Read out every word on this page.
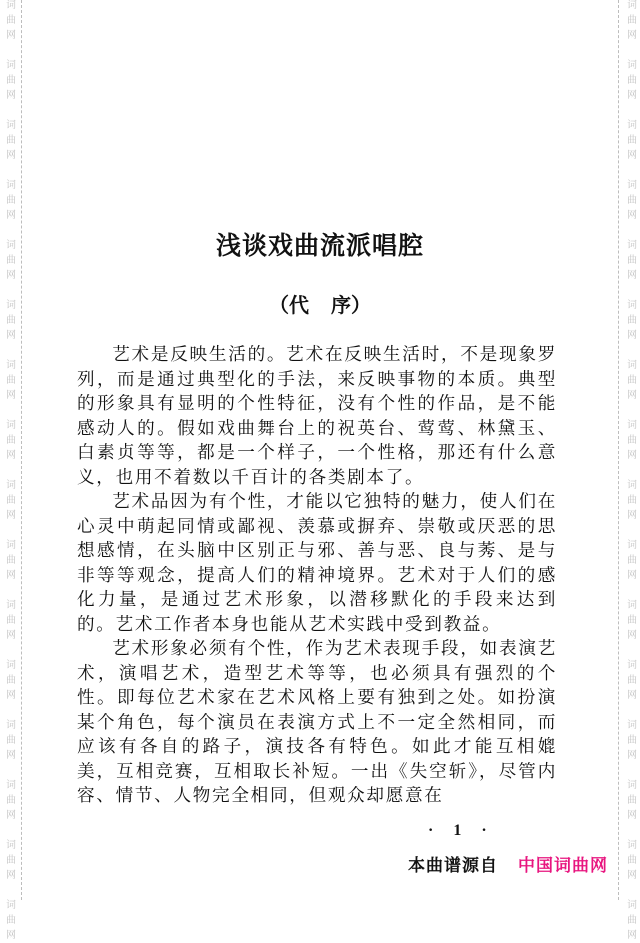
词
曲
网
词
曲
网
词
曲
网
词
曲
网
词
曲
网
词
曲
网
词
曲
网
词
曲
网
词
曲
网
词
曲
网
词
曲
网
词
曲
网
词
曲
网
词
曲
网
词
曲
网
词
曲
网
词
曲
网
词
曲
网
词
曲
网
词
曲
网
词
曲
网
词
曲
网
词
曲
网
词
曲
网
词
曲
网
词
曲
网
词
曲
网
词
曲
网
词
曲
网
词
曲
网
词
曲
网
词
曲
网
浅谈戏曲流派唱腔
（代 序）

艺术是反映生活的。艺术在反映生活时，不是现象罗列，而是通过典型化的手法，来反映事物的本质。典型的形象具有显明的个性特征，没有个性的作品，是不能感动人的。假如戏曲舞台上的祝英台、莺莺、林黛玉、白素贞等等，都是一个样子，一个性格，那还有什么意义，也用不着数以千百计的各类剧本了。

艺术品因为有个性，才能以它独特的魅力，使人们在心灵中萌起同情或鄙视、羡慕或摒弃、崇敬或厌恶的思想感情，在头脑中区别正与邪、善与恶、良与莠、是与非等等观念，提高人们的精神境界。艺术对于人们的感化力量，是通过艺术形象，以潜移默化的手段来达到的。艺术工作者本身也能从艺术实践中受到教益。

艺术形象必须有个性，作为艺术表现手段，如表演艺术，演唱艺术，造型艺术等等，也必须具有强烈的个性。即每位艺术家在艺术风格上要有独到之处。如扮演某个角色，每个演员在表演方式上不一定全然相同，而应该有各自的路子，演技各有特色。如此才能互相媲美，互相竞赛，互相取长补短。一出《失空斩》，尽管内容、情节、人物完全相同，但观众却愿意在

· 1 ·
本曲谱源自 中国词曲网
